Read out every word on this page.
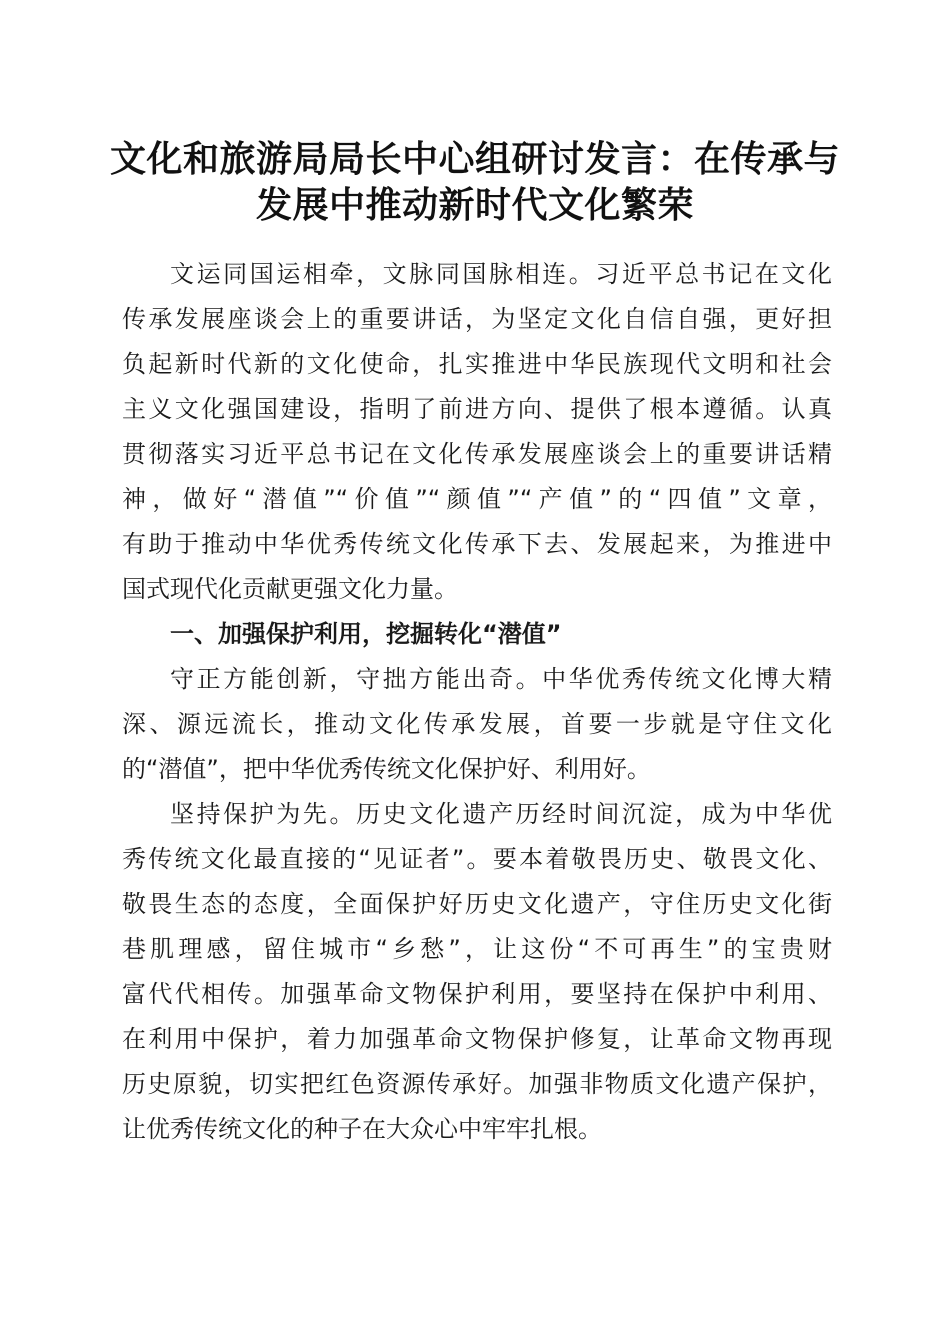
文化和旅游局局长中心组研讨发言：在传承与
发展中推动新时代文化繁荣
文运同国运相牵，文脉同国脉相连。习近平总书记在文化
传承发展座谈会上的重要讲话，为坚定文化自信自强，更好担
负起新时代新的文化使命，扎实推进中华民族现代文明和社会
主义文化强国建设，指明了前进方向、提供了根本遵循。认真
贯彻落实习近平总书记在文化传承发展座谈会上的重要讲话精
神，做好“潜值”“价值”“颜值”“产值”的“四值”文章，
有助于推动中华优秀传统文化传承下去、发展起来，为推进中
国式现代化贡献更强文化力量。
一、加强保护利用，挖掘转化“潜值”
守正方能创新，守拙方能出奇。中华优秀传统文化博大精
深、源远流长，推动文化传承发展，首要一步就是守住文化
的“潜值”，把中华优秀传统文化保护好、利用好。
坚持保护为先。历史文化遗产历经时间沉淀，成为中华优
秀传统文化最直接的“见证者”。要本着敬畏历史、敬畏文化、
敬畏生态的态度，全面保护好历史文化遗产，守住历史文化街
巷肌理感，留住城市“乡愁”，让这份“不可再生”的宝贵财
富代代相传。加强革命文物保护利用，要坚持在保护中利用、
在利用中保护，着力加强革命文物保护修复，让革命文物再现
历史原貌，切实把红色资源传承好。加强非物质文化遗产保护，
让优秀传统文化的种子在大众心中牢牢扎根。
